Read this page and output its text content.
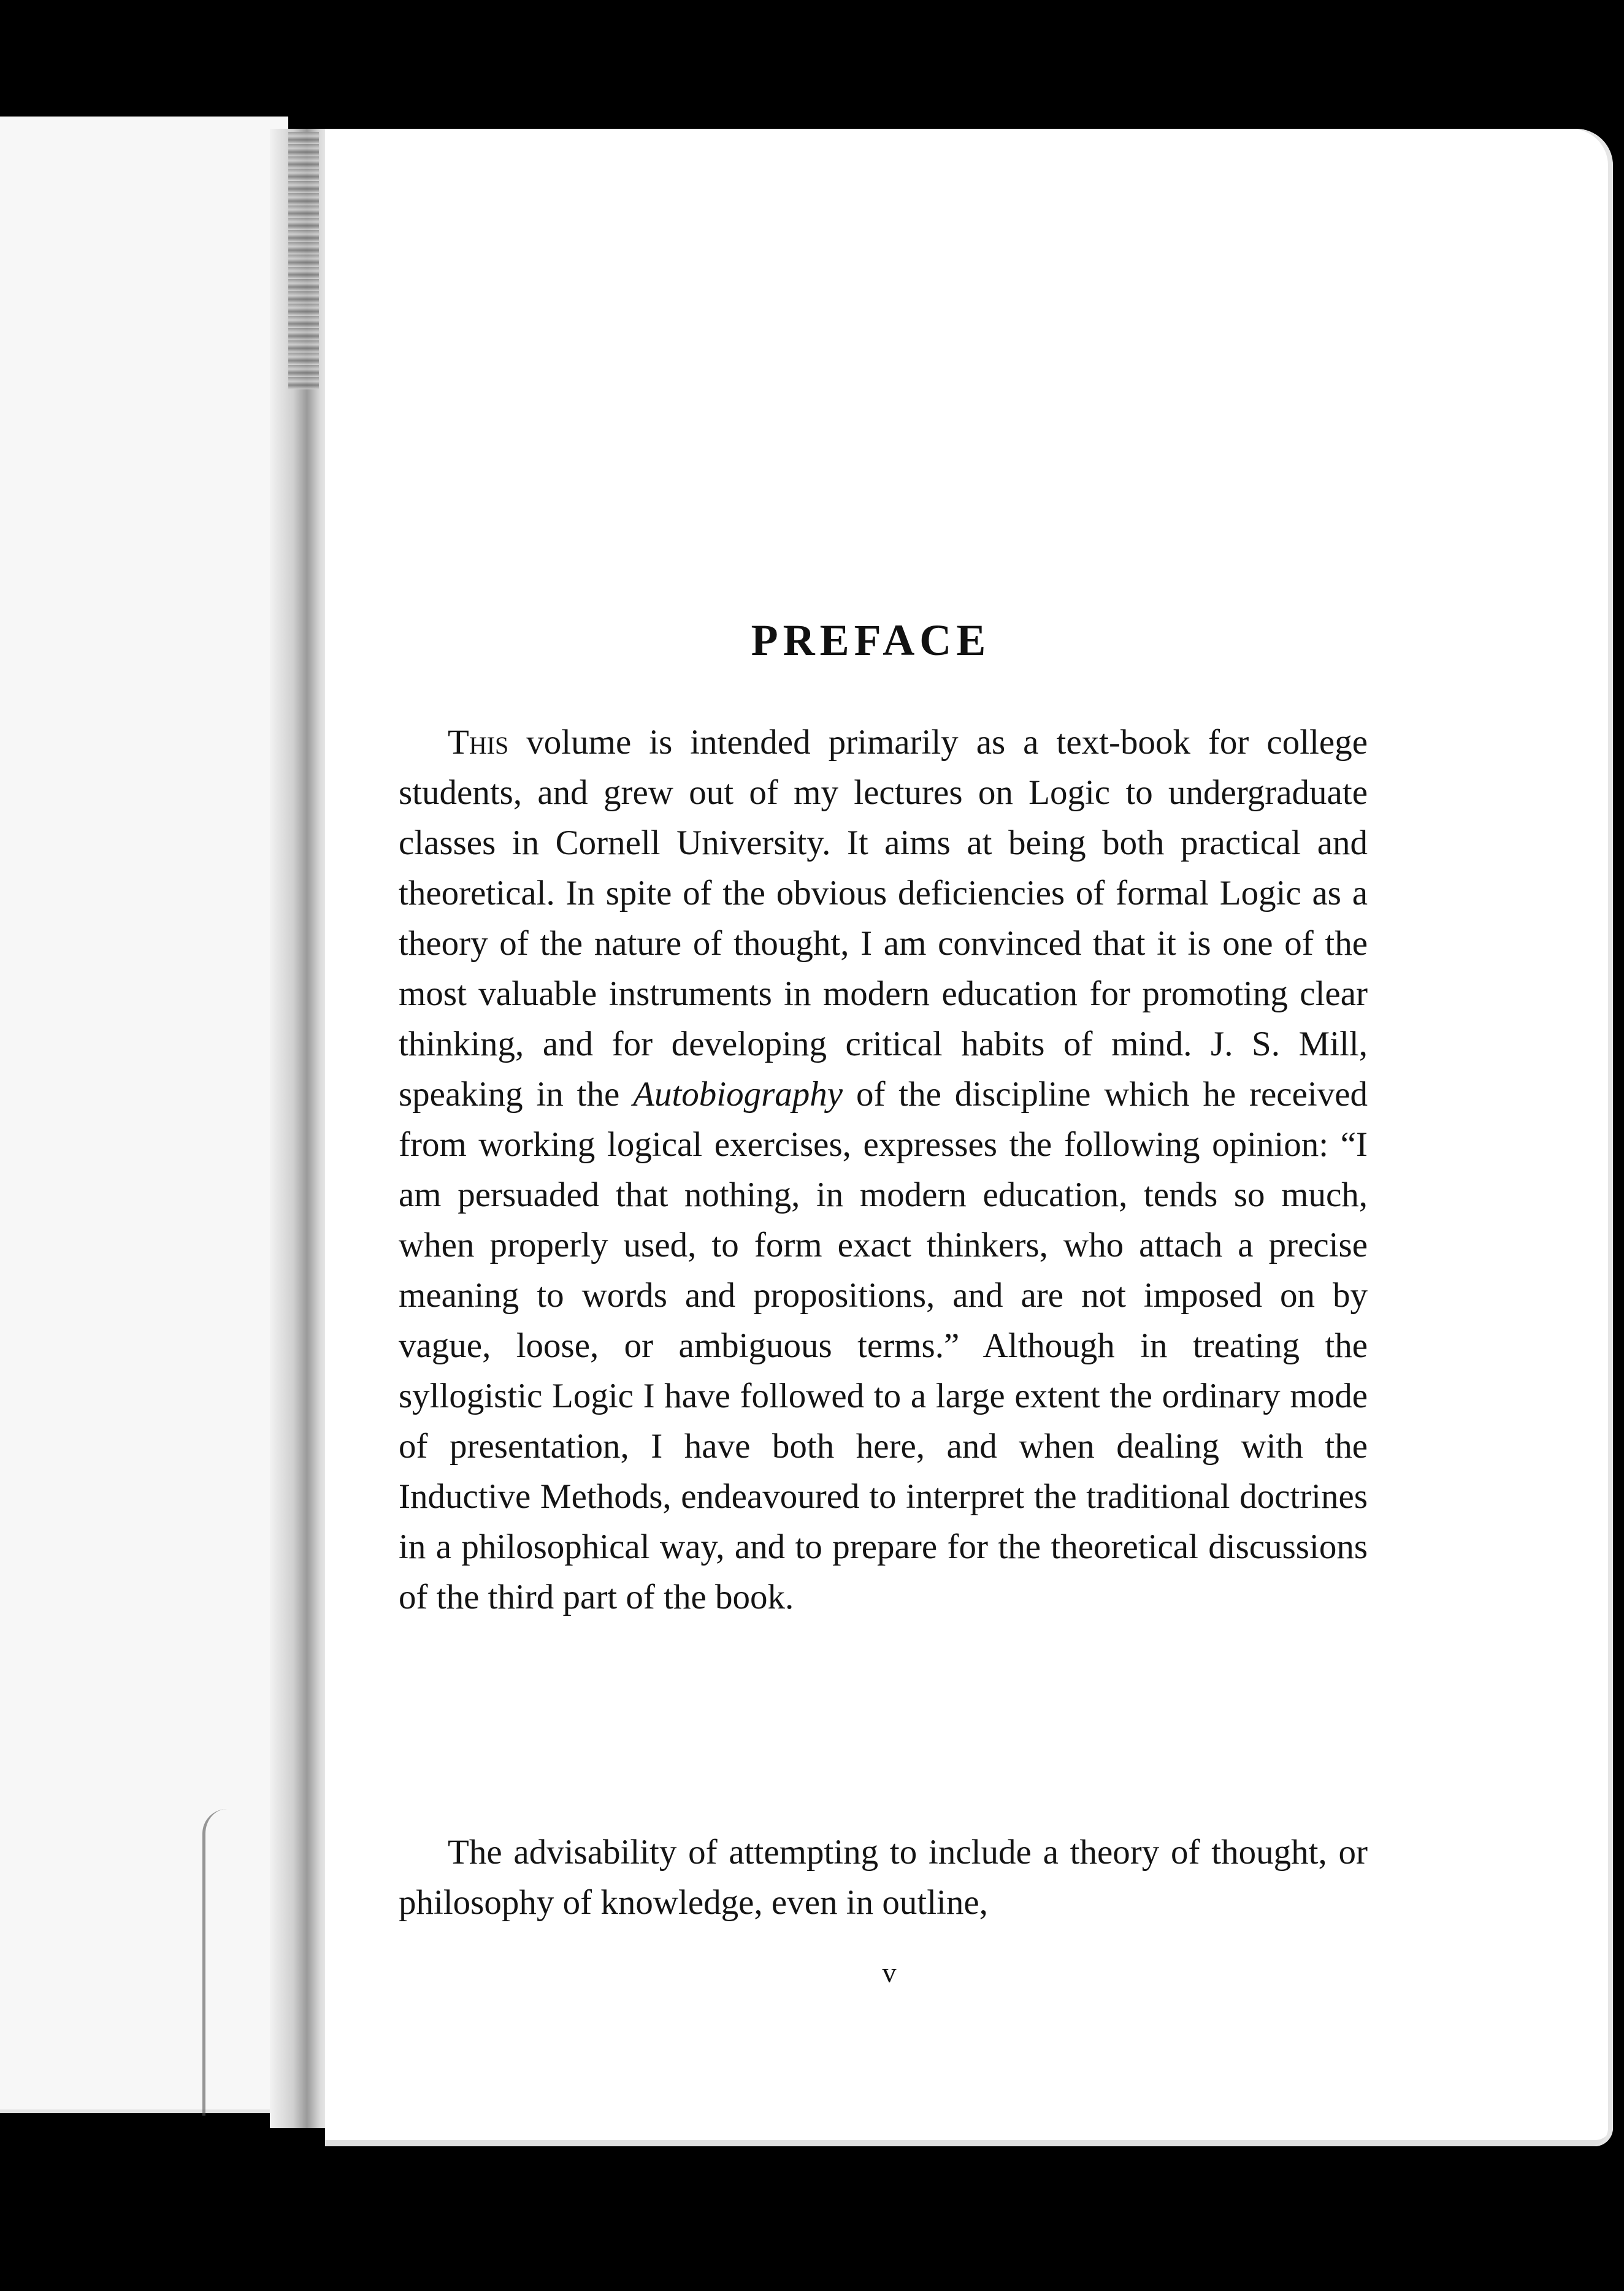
PREFACE

This volume is intended primarily as a text-book for college students, and grew out of my lectures on Logic to undergraduate classes in Cornell University. It aims at being both practical and theoretical. In spite of the obvious deficiencies of formal Logic as a theory of the nature of thought, I am convinced that it is one of the most valuable instruments in modern education for promoting clear thinking, and for developing critical habits of mind. J. S. Mill, speaking in the Autobiography of the discipline which he received from working logical exercises, expresses the following opinion: “I am persuaded that nothing, in modern education, tends so much, when properly used, to form exact thinkers, who attach a precise meaning to words and propositions, and are not imposed on by vague, loose, or ambiguous terms.” Although in treating the syllogistic Logic I have followed to a large extent the ordinary mode of presentation, I have both here, and when dealing with the Inductive Methods, endeavoured to interpret the traditional doctrines in a philosophical way, and to prepare for the theoretical discussions of the third part of the book.

The advisability of attempting to include a theory of thought, or philosophy of knowledge, even in outline,

v
